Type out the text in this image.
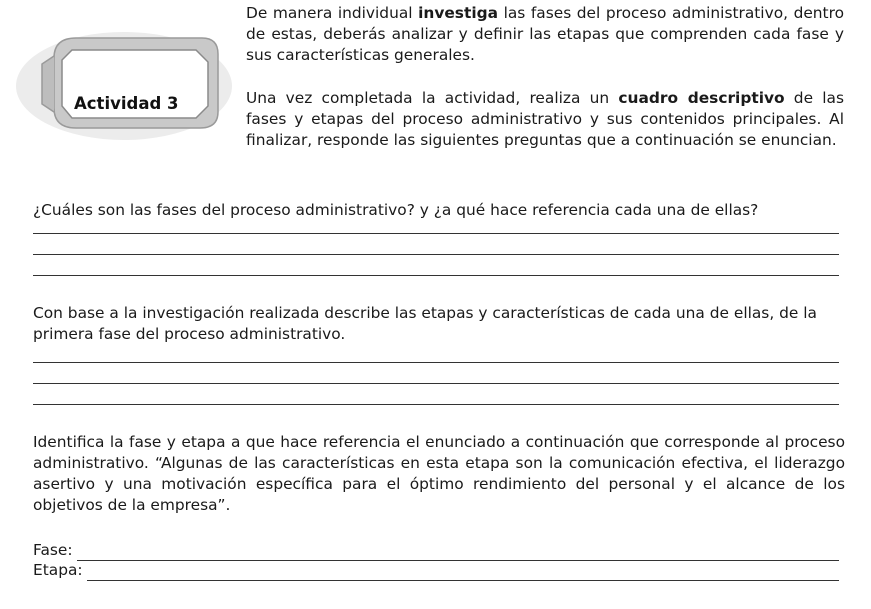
Actividad 3

De manera individual investiga las fases del proceso administrativo, dentro de estas, deberás analizar y definir las etapas que comprenden cada fase y sus características generales.

Una vez completada la actividad, realiza un cuadro descriptivo de las fases y etapas del proceso administrativo y sus contenidos principales. Al finalizar, responde las siguientes preguntas que a continuación se enuncian.

¿Cuáles son las fases del proceso administrativo? y ¿a qué hace referencia cada una de ellas?

Con base a la investigación realizada describe las etapas y características de cada una de ellas, de la primera fase del proceso administrativo.

Identifica la fase y etapa a que hace referencia el enunciado a continuación que corresponde al proceso administrativo. “Algunas de las características en esta etapa son la comunicación efectiva, el liderazgo asertivo y una motivación específica para el óptimo rendimiento del personal y el alcance de los objetivos de la empresa”.

Fase:
Etapa:
